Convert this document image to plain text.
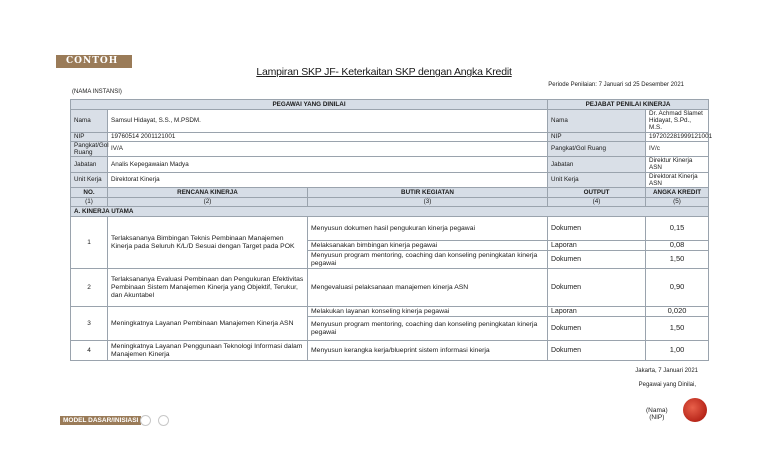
CONTOH
Lampiran SKP JF- Keterkaitan SKP dengan Angka Kredit
Periode Penilaian: 7 Januari sd 25 Desember 2021
(NAMA INSTANSI)
PEGAWAI YANG DINILAI			PEJABAT PENILAI KINERJA	
Nama	Samsul Hidayat, S.S., M.PSDM.		Nama	Dr. Achmad Slamet Hidayat, S.Pd., M.S.
NIP	19760514 2001121001		NIP	197202281999121001
Pangkat/Gol Ruang	IV/A		Pangkat/Gol Ruang	IV/c
Jabatan	Analis Kepegawaian Madya		Jabatan	Direktur Kinerja ASN
Unit Kerja	Direktorat Kinerja		Unit Kerja	Direktorat Kinerja ASN
NO.	RENCANA KINERJA	BUTIR KEGIATAN	OUTPUT	ANGKA KREDIT
(1)	(2)	(3)	(4)	(5)
A. KINERJA UTAMA				
1	Terlaksananya Bimbingan Teknis Pembinaan Manajemen Kinerja pada Seluruh K/L/D Sesuai dengan Target pada POK	Menyusun dokumen hasil pengukuran kinerja pegawai	Dokumen	0,15
		Melaksanakan bimbingan kinerja pegawai	Laporan	0,08
		Menyusun program mentoring, coaching dan konseling peningkatan kinerja pegawai	Dokumen	1,50
2	Terlaksananya Evaluasi Pembinaan dan Pengukuran Efektivitas Pembinaan Sistem Manajemen Kinerja yang Objektif, Terukur, dan Akuntabel	Mengevaluasi pelaksanaan manajemen kinerja ASN	Dokumen	0,90
3	Meningkatnya Layanan Pembinaan Manajemen Kinerja ASN	Melakukan layanan konseling kinerja pegawai	Laporan	0,020
		Menyusun program mentoring, coaching dan konseling peningkatan kinerja pegawai	Dokumen	1,50
4	Meningkatnya Layanan Penggunaan Teknologi Informasi dalam Manajemen Kinerja	Menyusun kerangka kerja/blueprint sistem informasi kinerja	Dokumen	1,00
Jakarta, 7 Januari 2021
Pegawai yang Dinilai,
(Nama)
(NIP)
MODEL DASAR/INISIASI
